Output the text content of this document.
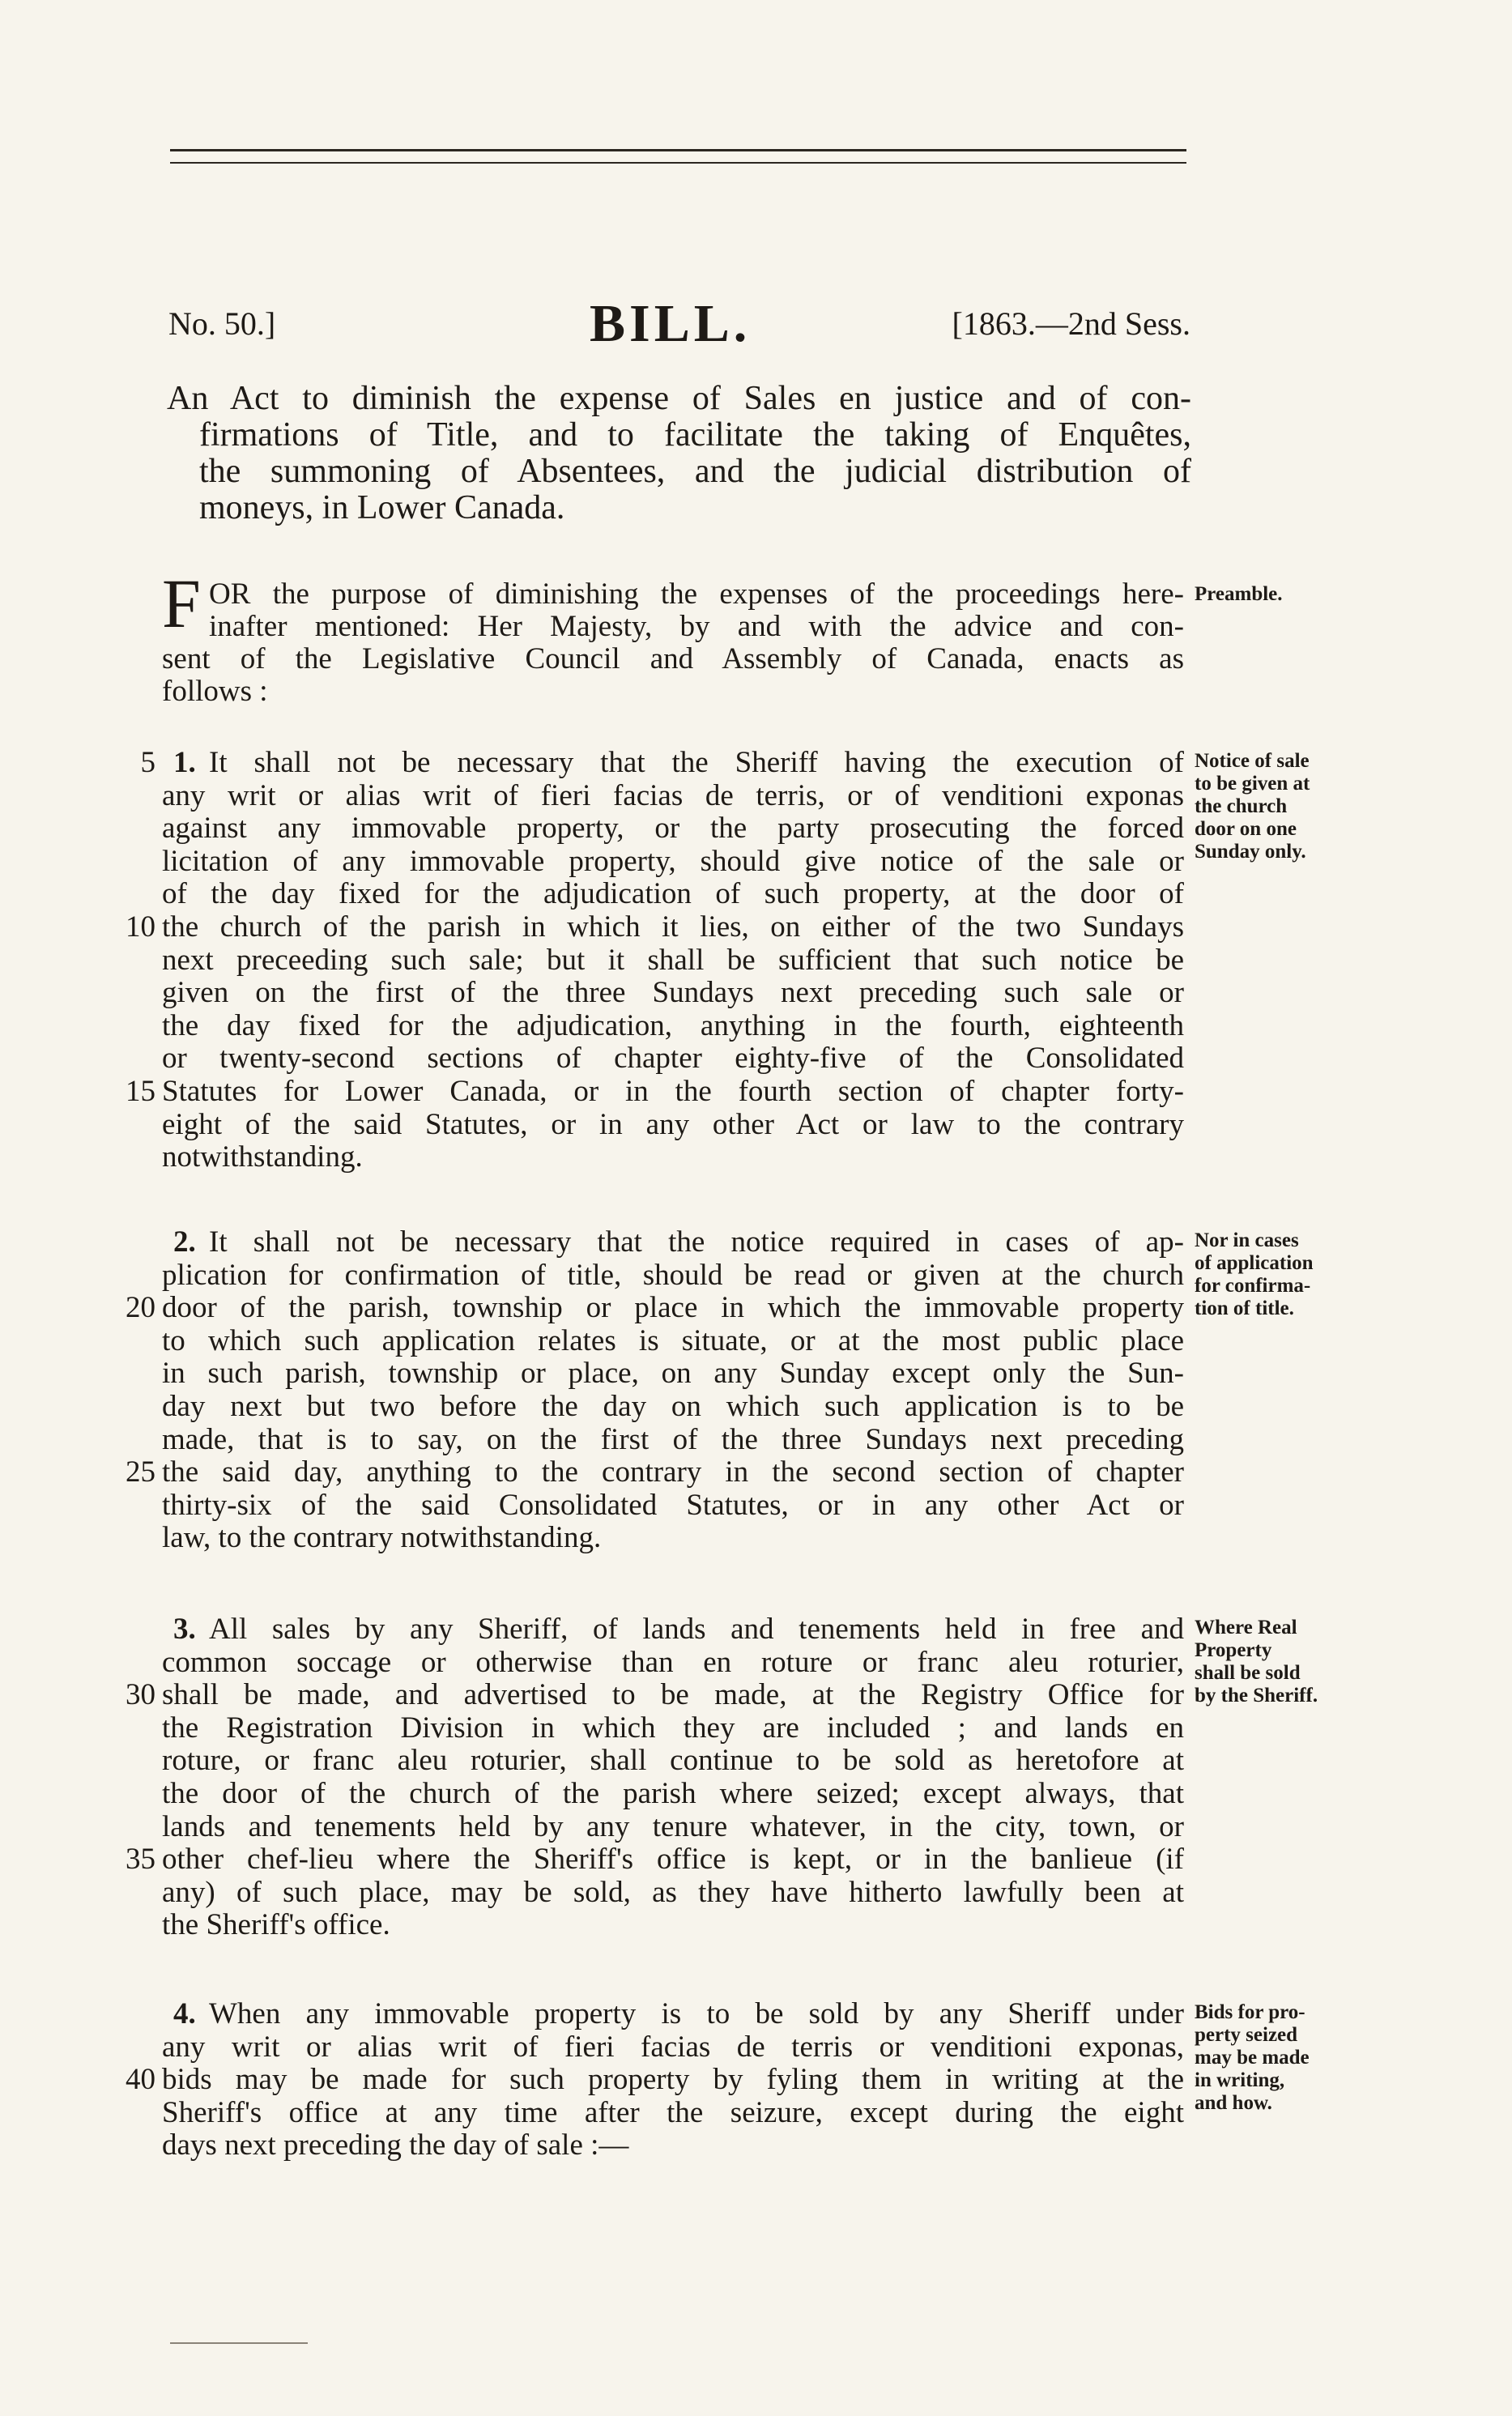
No. 50.]	BILL.	[1863.—2nd Sess.
An Act to diminish the expense of Sales en justice and of con-
firmations of Title, and to facilitate the taking of Enquêtes,
the summoning of Absentees, and the judicial distribution of
moneys, in Lower Canada.
F OR the purpose of diminishing the expenses of the proceedings here-
inafter mentioned: Her Majesty, by and with the advice and con-
sent of the Legislative Council and Assembly of Canada, enacts as
follows :
Preamble.
5 1. It shall not be necessary that the Sheriff having the execution of
any writ or alias writ of fieri facias de terris, or of venditioni exponas
against any immovable property, or the party prosecuting the forced
licitation of any immovable property, should give notice of the sale or
of the day fixed for the adjudication of such property, at the door of
10 the church of the parish in which it lies, on either of the two Sundays
next preceeding such sale; but it shall be sufficient that such notice be
given on the first of the three Sundays next preceding such sale or
the day fixed for the adjudication, anything in the fourth, eighteenth
or twenty-second sections of chapter eighty-five of the Consolidated
15 Statutes for Lower Canada, or in the fourth section of chapter forty-
eight of the said Statutes, or in any other Act or law to the contrary
notwithstanding.
Notice of sale
to be given at
the church
door on one
Sunday only.
2. It shall not be necessary that the notice required in cases of ap-
plication for confirmation of title, should be read or given at the church
20 door of the parish, township or place in which the immovable property
to which such application relates is situate, or at the most public place
in such parish, township or place, on any Sunday except only the Sun-
day next but two before the day on which such application is to be
made, that is to say, on the first of the three Sundays next preceding
25 the said day, anything to the contrary in the second section of chapter
thirty-six of the said Consolidated Statutes, or in any other Act or
law, to the contrary notwithstanding.
Nor in cases
of application
for confirma-
tion of title.
3. All sales by any Sheriff, of lands and tenements held in free and
common soccage or otherwise than en roture or franc aleu roturier,
30 shall be made, and advertised to be made, at the Registry Office for
the Registration Division in which they are included ; and lands en
roture, or franc aleu roturier, shall continue to be sold as heretofore at
the door of the church of the parish where seized; except always, that
lands and tenements held by any tenure whatever, in the city, town, or
35 other chef-lieu where the Sheriff's office is kept, or in the banlieue (if
any) of such place, may be sold, as they have hitherto lawfully been at
the Sheriff's office.
Where Real
Property
shall be sold
by the Sheriff.
4. When any immovable property is to be sold by any Sheriff under
any writ or alias writ of fieri facias de terris or venditioni exponas,
40 bids may be made for such property by fyling them in writing at the
Sheriff's office at any time after the seizure, except during the eight
days next preceding the day of sale :—
Bids for pro-
perty seized
may be made
in writing,
and how.
